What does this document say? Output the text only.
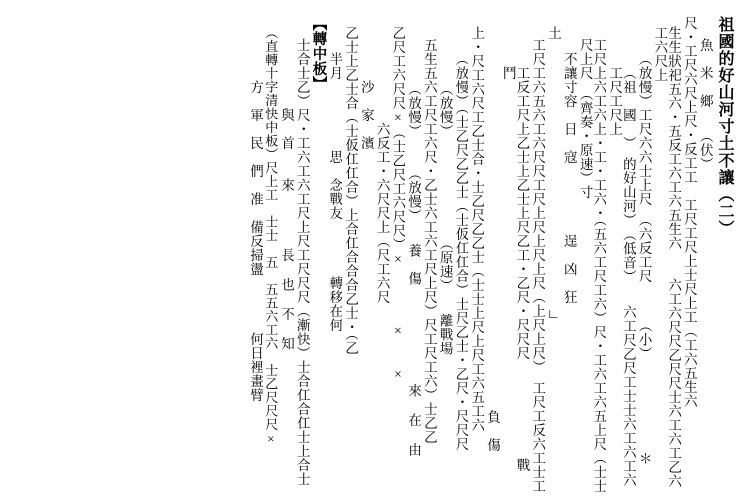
祖國的好山河寸土不讓（二）
魚　米　鄉　　（伏）
尺・工尺六尺上尺・反工工　工尺工尺上士尺上工（工六五生六
生生狀祀五六・五反工六工六五生六　　六工六尺尺乙尺尺士六工六工乙六工六尺上
（放慢）工尺六六士上尺　（六反工尺　　　（小）　　　　　　　＊
（祖　國　）　的好山河）　（低音）　　六工尺乙尺工士士六工六工六工尺工尺上
工尺上六工六上・工・工六・（五六工尺工六）尺・工六工六五上尺（士士尺上尺　（齊奏・原速）寸
不讓寸容　日　寇　　　　　逞　凶　狂
土　　　　　　　　　　　　　　　　　　　∟
工尺工六五六工六尺尺工尺上尺上尺上尺（上尺上尺）　工尺工反六工士工
工反工尺上乙士上乙士上尺乙工・乙尺・尺尺尺　　　　　　　戰　鬥
　　　　　　　　　　　　　　　　　　　　　負　傷
上・尺工六尺工乙士合・士乙尺乙乙士（士士上尺上尺工六五工六
（放慢）（士乙尺乙乙士（士仮仜仜合）士尺乙士・乙尺・尺尺尺
（放慢）　　　　　　　　（原速）　　離戰場
五生五六工尺工六尺・乙士六工六工尺上尺）尺工尺工六）士乙乙
（放慢）　　　（放慢）　　養　傷　　　　　　　來 在 由
乙尺工六尺尺×（士乙尺工六尺尺）×　　　　×　　×
　　　　　　六反工・六尺尺上（尺工六尺
　沙　家　濱
乙士上乙士合（士仮仜仜合）上合仜合合合乙士・（乙
半月　　　　　思　念戰友　　　　轉移在何
【轉中板】
士合士乙）尺・工六工六工尺上尺工尺尺尺（漸快）士合仜合仜士上合士
　　　與　首　　來　　　　長 也 不 知
（直轉十字清快中板）尺上工　士士　五　五五六工六　士乙尺尺尺×
　方　軍　民　們　准　備反掃盪　　　　何日裡畫臂
